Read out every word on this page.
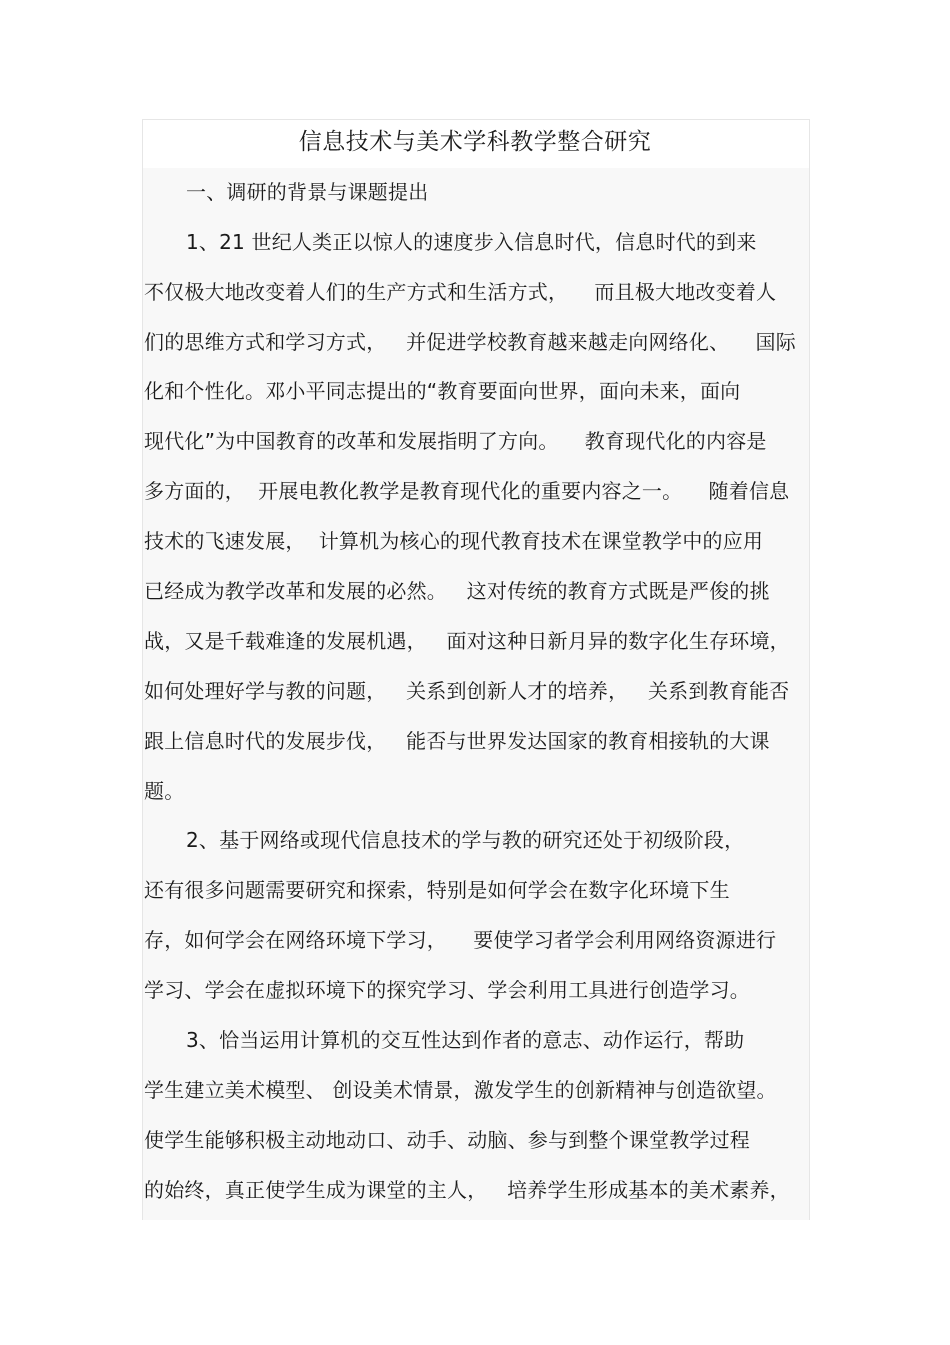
信息技术与美术学科教学整合研究
一、调研的背景与课题提出
1、21 世纪人类正以惊人的速度步入信息时代，信息时代的到来
不仅极大地改变着人们的生产方式和生活方式，    而且极大地改变着人
们的思维方式和学习方式，   并促进学校教育越来越走向网络化、    国际
化和个性化。邓小平同志提出的“教育要面向世界，面向未来，面向
现代化”为中国教育的改革和发展指明了方向。    教育现代化的内容是
多方面的，  开展电教化教学是教育现代化的重要内容之一。    随着信息
技术的飞速发展，  计算机为核心的现代教育技术在课堂教学中的应用
已经成为教学改革和发展的必然。   这对传统的教育方式既是严俊的挑
战，又是千载难逢的发展机遇，   面对这种日新月异的数字化生存环境，
如何处理好学与教的问题，   关系到创新人才的培养，   关系到教育能否
跟上信息时代的发展步伐，   能否与世界发达国家的教育相接轨的大课
题。
2、基于网络或现代信息技术的学与教的研究还处于初级阶段，
还有很多问题需要研究和探索，特别是如何学会在数字化环境下生
存，如何学会在网络环境下学习，    要使学习者学会利用网络资源进行
学习、学会在虚拟环境下的探究学习、学会利用工具进行创造学习。
3、恰当运用计算机的交互性达到作者的意志、动作运行，帮助
学生建立美术模型、 创设美术情景，激发学生的创新精神与创造欲望。
使学生能够积极主动地动口、动手、动脑、参与到整个课堂教学过程
的始终，真正使学生成为课堂的主人，   培养学生形成基本的美术素养，
